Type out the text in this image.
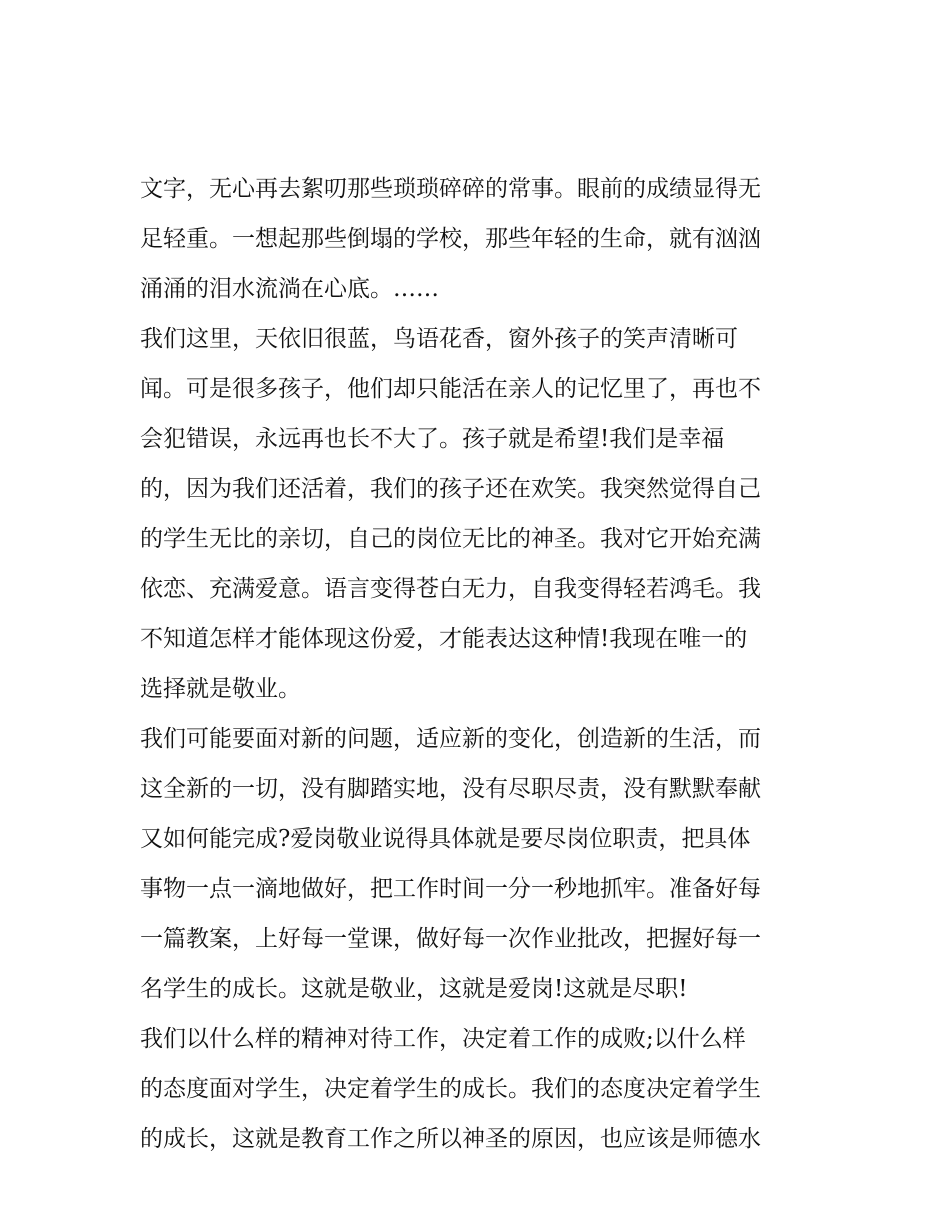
文字，无心再去絮叨那些琐琐碎碎的常事。眼前的成绩显得无
足轻重。一想起那些倒塌的学校，那些年轻的生命，就有汹汹
涌涌的泪水流淌在心底。……
我们这里，天依旧很蓝，鸟语花香，窗外孩子的笑声清晰可
闻。可是很多孩子，他们却只能活在亲人的记忆里了，再也不
会犯错误，永远再也长不大了。孩子就是希望!我们是幸福
的，因为我们还活着，我们的孩子还在欢笑。我突然觉得自己
的学生无比的亲切，自己的岗位无比的神圣。我对它开始充满
依恋、充满爱意。语言变得苍白无力，自我变得轻若鸿毛。我
不知道怎样才能体现这份爱，才能表达这种情!我现在唯一的
选择就是敬业。
我们可能要面对新的问题，适应新的变化，创造新的生活，而
这全新的一切，没有脚踏实地，没有尽职尽责，没有默默奉献
又如何能完成?爱岗敬业说得具体就是要尽岗位职责，把具体
事物一点一滴地做好，把工作时间一分一秒地抓牢。准备好每
一篇教案，上好每一堂课，做好每一次作业批改，把握好每一
名学生的成长。这就是敬业，这就是爱岗!这就是尽职!
我们以什么样的精神对待工作，决定着工作的成败;以什么样
的态度面对学生，决定着学生的成长。我们的态度决定着学生
的成长，这就是教育工作之所以神圣的原因，也应该是师德水
